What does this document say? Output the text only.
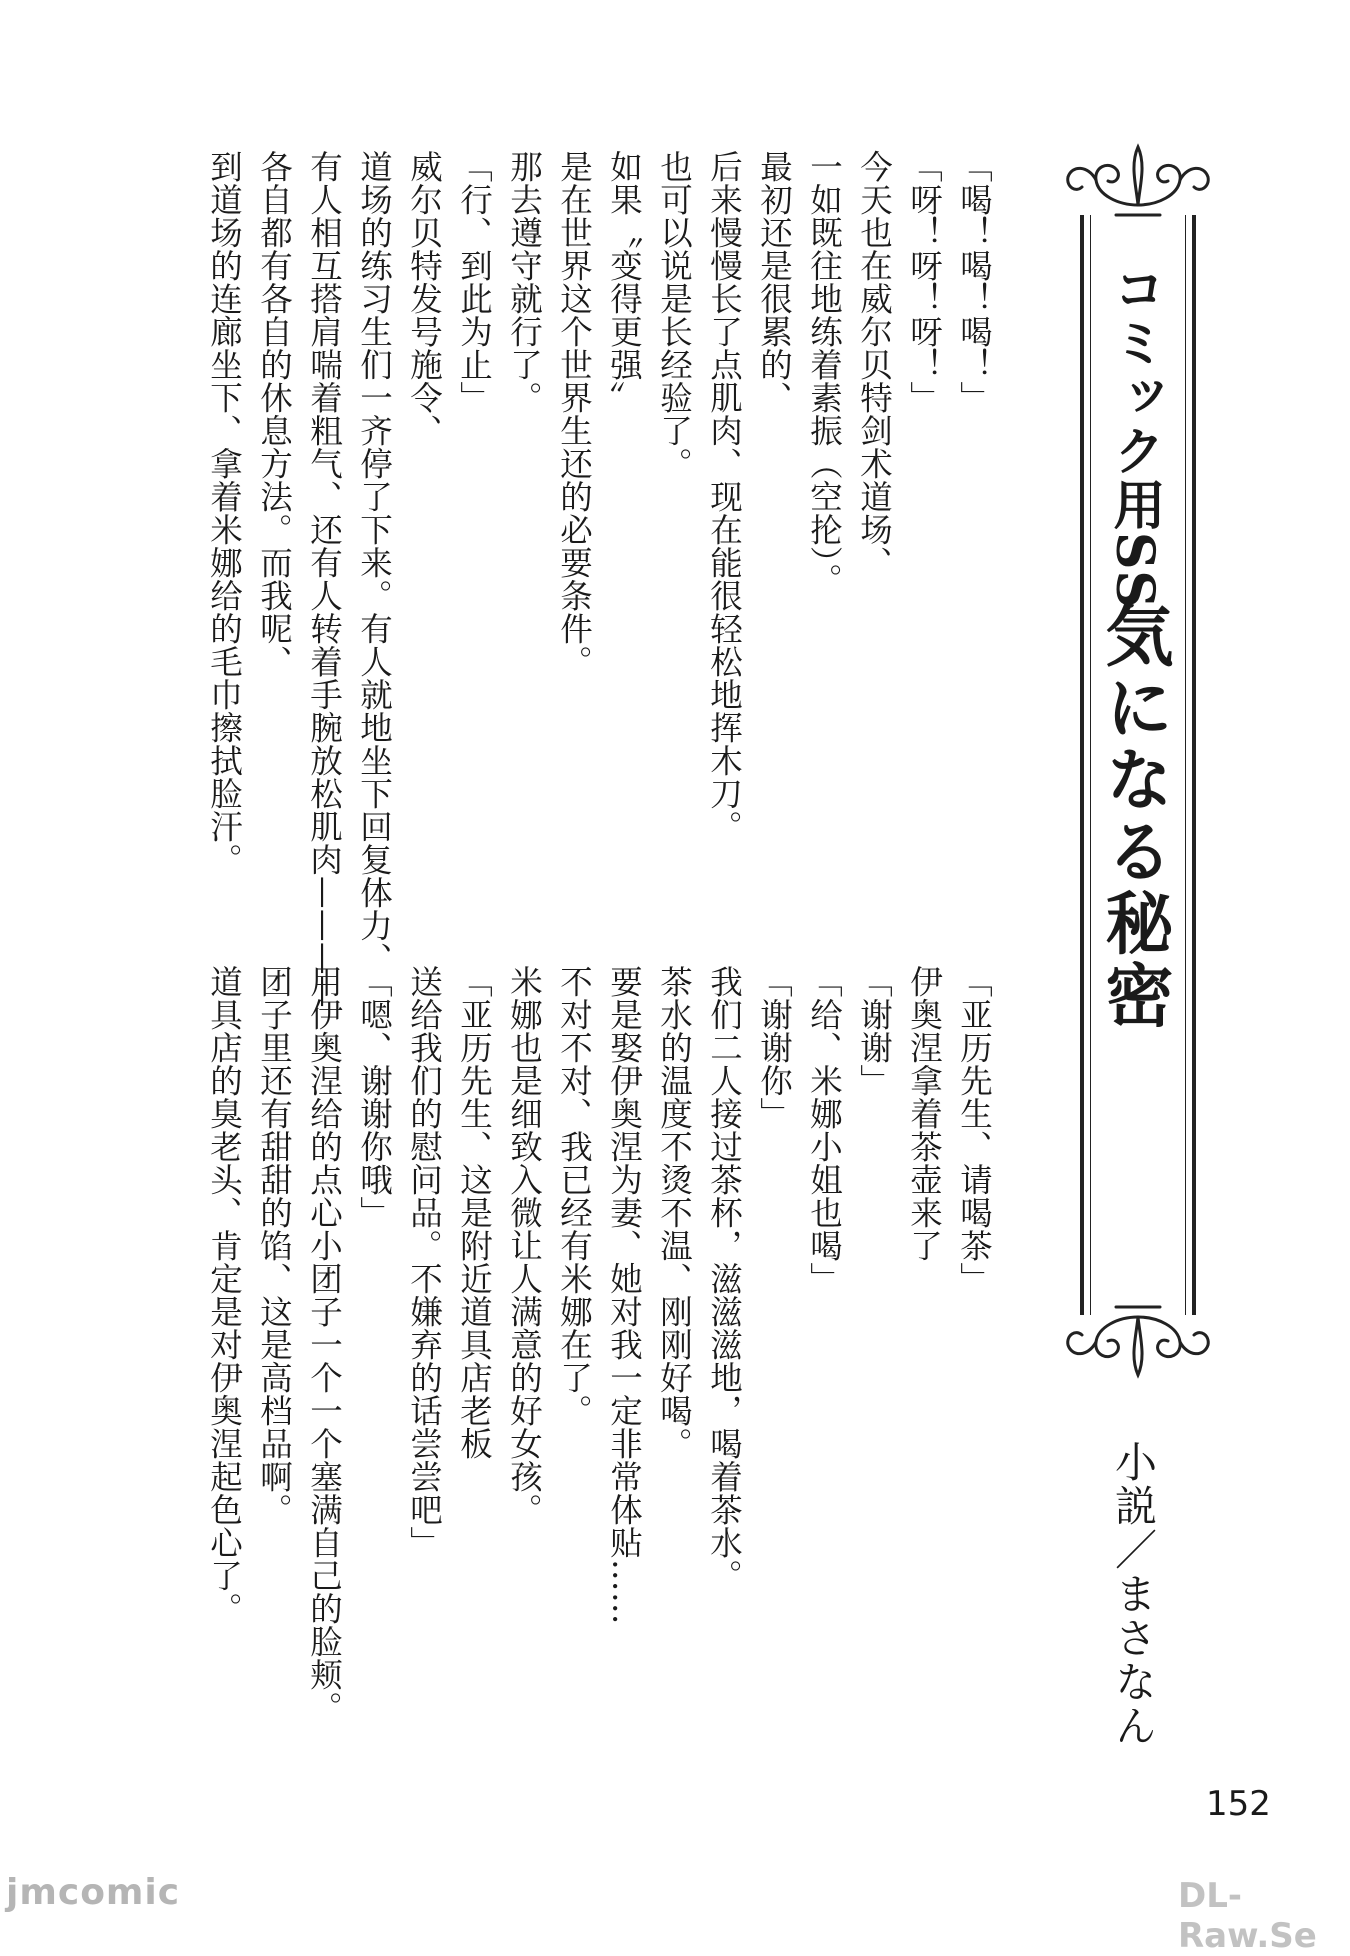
コミック用SS
気になる秘密
小説／まさなん
「喝！喝！喝！」
「呀！呀！呀！」
今天也在威尔贝特剑术道场、
一如既往地练着素振（空抡）。
最初还是很累的、
后来慢慢长了点肌肉、现在能很轻松地挥木刀。
也可以说是长经验了。
如果〝变得更强〟
是在世界这个世界生还的必要条件。
那去遵守就行了。
「行、到此为止」
威尔贝特发号施令、
道场的练习生们一齐停了下来。有人就地坐下回复体力、
有人相互搭肩喘着粗气、还有人转着手腕放松肌肉————
各自都有各自的休息方法。而我呢、
到道场的连廊坐下、拿着米娜给的毛巾擦拭脸汗。
「亚历先生、请喝茶」
伊奥涅拿着茶壶来了
「谢谢」
「给、米娜小姐也喝」
「谢谢你」
我们二人接过茶杯，滋滋滋地，喝着茶水。
茶水的温度不烫不温、刚刚好喝。
要是娶伊奥涅为妻、她对我一定非常体贴……
不对不对、我已经有米娜在了。
米娜也是细致入微让人满意的好女孩。
「亚历先生、这是附近道具店老板
送给我们的慰问品。不嫌弃的话尝尝吧」
「嗯、谢谢你哦」
用伊奥涅给的点心小团子一个一个塞满自己的脸颊。
团子里还有甜甜的馅、这是高档品啊。
道具店的臭老头、肯定是对伊奥涅起色心了。
152
jmcomic	DL-Raw.Se
